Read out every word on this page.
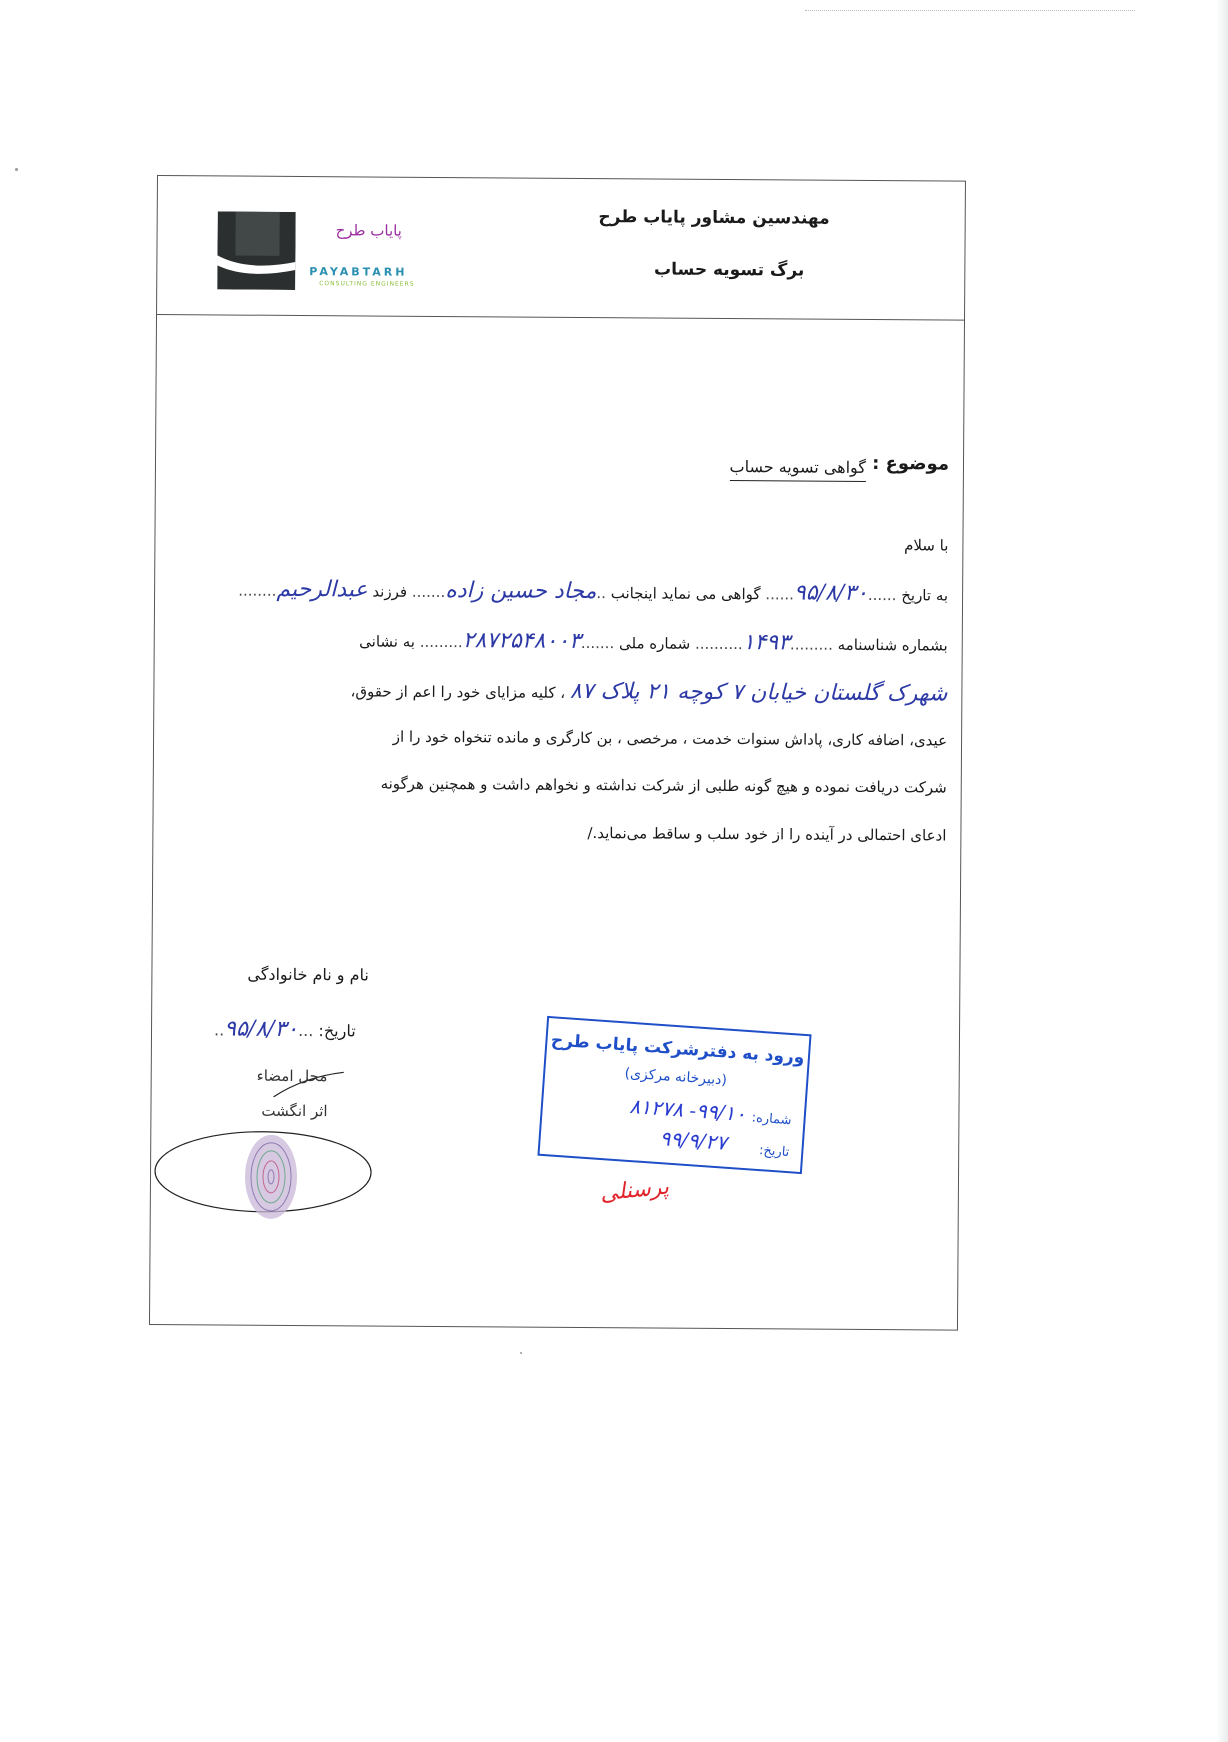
مهندسین مشاور پایاب طرح
برگ تسویه حساب
پایاب طرح
PAYABTARH
CONSULTING ENGINEERS
موضوع :
گواهی تسویه حساب
با سلام
به تاریخ ......۹۵/۸/۳۰...... گواهی می نماید اینجانب ..مجاد حسین زاده....... فرزند عبدالرحیم........
بشماره شناسنامه .........۱۴۹۳.......... شماره ملی .......۲۸۷۲۵۴۸۰۰۳......... به نشانی
شهرک گلستان خیابان ۷ کوچه ۲۱ پلاک ۸۷ ، کلیه مزایای خود را اعم از حقوق،
عیدی، اضافه کاری، پاداش سنوات خدمت ، مرخصی ، بن کارگری و مانده تنخواه خود را از
شرکت دریافت نموده و هیچ گونه طلبی از شرکت نداشته و نخواهم داشت و همچنین هرگونه
ادعای احتمالی در آینده را از خود سلب و ساقط می‌نماید./
نام و نام خانوادگی
تاریخ: ...۹۵/۸/۳۰..
محل امضاء
اثر انگشت
ورود به دفترشرکت پایاب طرح
(دبیرخانه مرکزی)
شماره:
۸۱۲۷۸ -۹۹/۱۰
تاریخ:
۹۹/۹/۲۷
پرسنلی
